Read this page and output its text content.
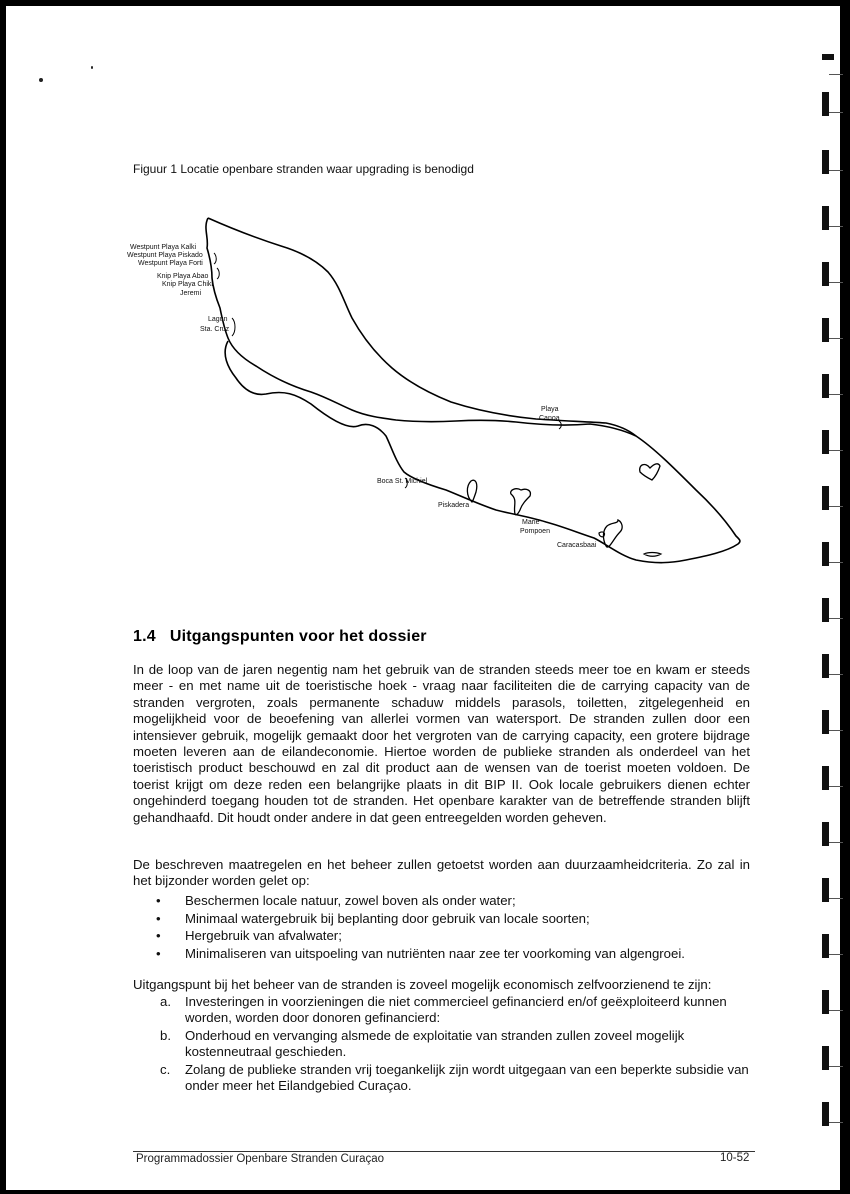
Figuur 1 Locatie openbare stranden waar upgrading is benodigd
Westpunt Playa Kalki
Westpunt Playa Piskado
Westpunt Playa Forti
Knip Playa Abao
Knip Playa Chiki
Jeremi
Lagún
Sta. Cruz
Playa
Canoa
Boca St. Michiel
Piskadera
Marie
Pompoen
Caracasbaai
1.4 Uitgangspunten voor het dossier

In de loop van de jaren negentig nam het gebruik van de stranden steeds meer toe en kwam er steeds meer - en met name uit de toeristische hoek - vraag naar faciliteiten die de carrying capacity van de stranden vergroten, zoals permanente schaduw middels parasols, toiletten, zitgelegenheid en mogelijkheid voor de beoefening van allerlei vormen van watersport. De stranden zullen door een intensiever gebruik, mogelijk gemaakt door het vergroten van de carrying capacity, een grotere bijdrage moeten leveren aan de eilandeconomie. Hiertoe worden de publieke stranden als onderdeel van het toeristisch product beschouwd en zal dit product aan de wensen van de toerist moeten voldoen. De toerist krijgt om deze reden een belangrijke plaats in dit BIP II. Ook locale gebruikers dienen echter ongehinderd toegang houden tot de stranden. Het openbare karakter van de betreffende stranden blijft gehandhaafd. Dit houdt onder andere in dat geen entreegelden worden geheven.

De beschreven maatregelen en het beheer zullen getoetst worden aan duurzaamheidcriteria. Zo zal in het bijzonder worden gelet op:

• Beschermen locale natuur, zowel boven als onder water;
• Minimaal watergebruik bij beplanting door gebruik van locale soorten;
• Hergebruik van afvalwater;
• Minimaliseren van uitspoeling van nutriënten naar zee ter voorkoming van algengroei.

Uitgangspunt bij het beheer van de stranden is zoveel mogelijk economisch zelfvoorzienend te zijn:

a. Investeringen in voorzieningen die niet commercieel gefinancierd en/of geëxploiteerd kunnen worden, worden door donoren gefinancierd:
b. Onderhoud en vervanging alsmede de exploitatie van stranden zullen zoveel mogelijk kostenneutraal geschieden.
c. Zolang de publieke stranden vrij toegankelijk zijn wordt uitgegaan van een beperkte subsidie van onder meer het Eilandgebied Curaçao.
Programmadossier Openbare Stranden Curaçao	10-52
